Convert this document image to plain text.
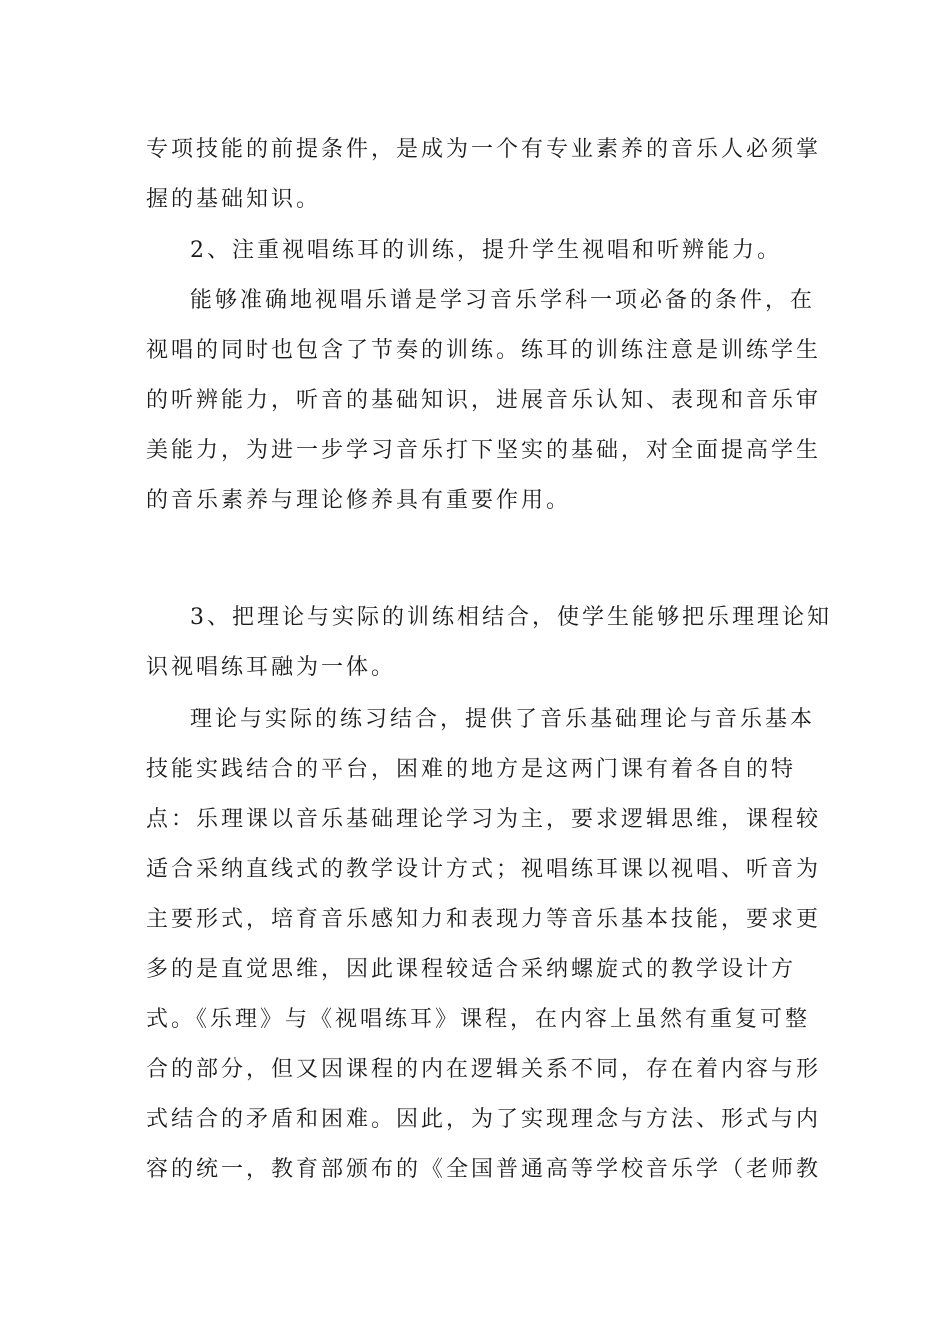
专项技能的前提条件，是成为一个有专业素养的音乐人必须掌
握的基础知识。
2、注重视唱练耳的训练，提升学生视唱和听辨能力。
能够准确地视唱乐谱是学习音乐学科一项必备的条件，在
视唱的同时也包含了节奏的训练。练耳的训练注意是训练学生
的听辨能力，听音的基础知识，进展音乐认知、表现和音乐审
美能力，为进一步学习音乐打下坚实的基础，对全面提高学生
的音乐素养与理论修养具有重要作用。
3、把理论与实际的训练相结合，使学生能够把乐理理论知
识视唱练耳融为一体。
理论与实际的练习结合，提供了音乐基础理论与音乐基本
技能实践结合的平台，困难的地方是这两门课有着各自的特
点：乐理课以音乐基础理论学习为主，要求逻辑思维，课程较
适合采纳直线式的教学设计方式；视唱练耳课以视唱、听音为
主要形式，培育音乐感知力和表现力等音乐基本技能，要求更
多的是直觉思维，因此课程较适合采纳螺旋式的教学设计方
式。《乐理》与《视唱练耳》课程，在内容上虽然有重复可整
合的部分，但又因课程的内在逻辑关系不同，存在着内容与形
式结合的矛盾和困难。因此，为了实现理念与方法、形式与内
容的统一，教育部颁布的《全国普通高等学校音乐学（老师教
